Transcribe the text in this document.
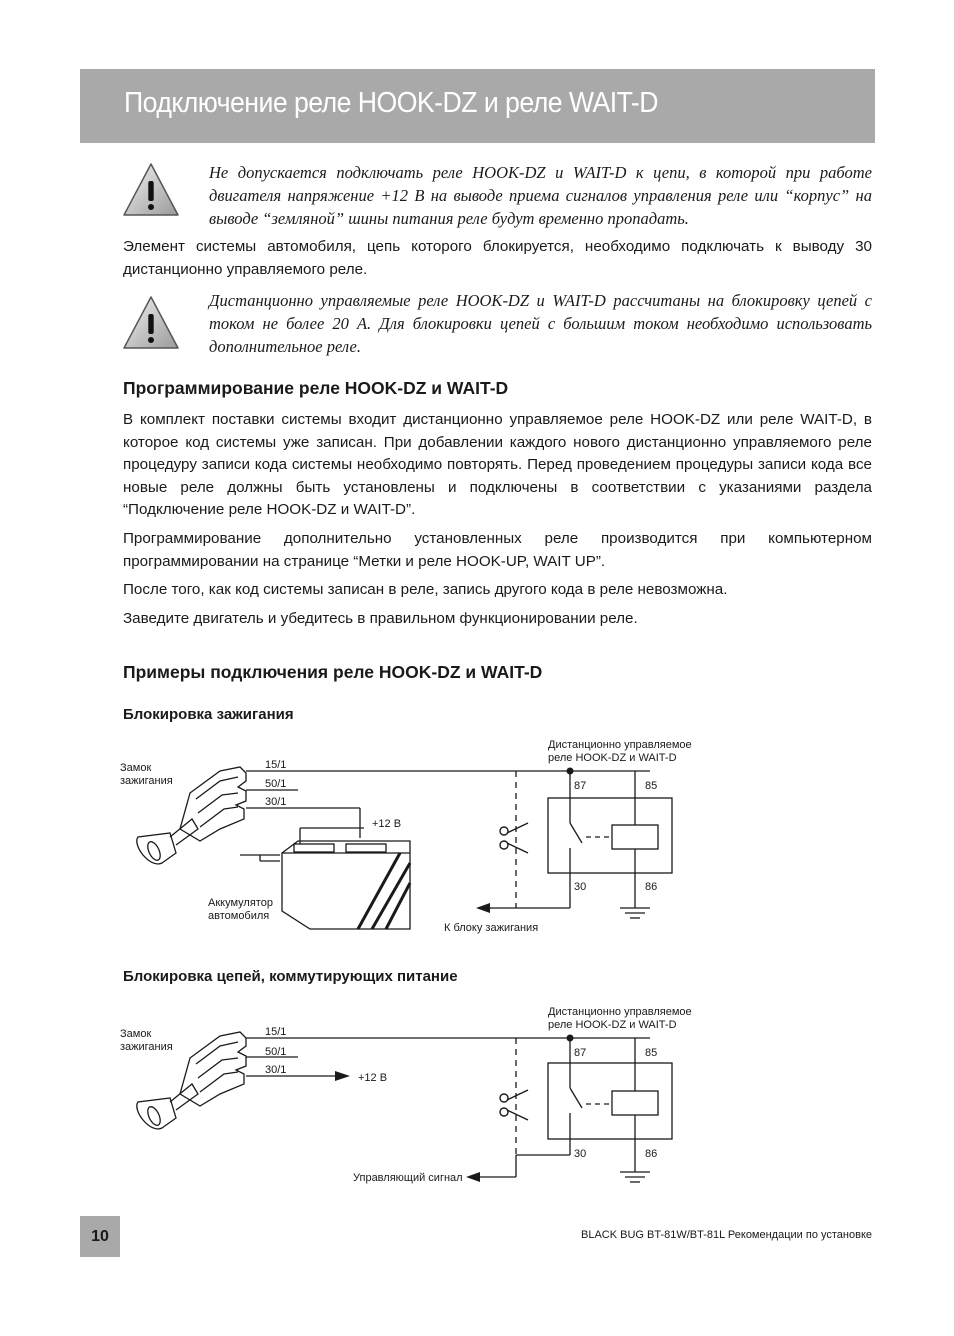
Подключение реле HOOK-DZ и реле WAIT-D
Не допускается подключать реле HOOK-DZ и WAIT-D к цепи, в которой при работе двигателя напряжение +12 В на выводе приема сигналов управления реле или “корпус” на выводе “земляной” шины питания реле будут временно пропадать.

Элемент системы автомобиля, цепь которого блокируется, необходимо подключать к выводу 30 дистанционно управляемого реле.

Дистанционно управляемые реле HOOK-DZ и WAIT-D рассчитаны на блокировку цепей с током не более 20 А. Для блокировки цепей с большим током необходимо использовать дополнительное реле.
Программирование реле HOOK-DZ и WAIT-D

В комплект поставки системы входит дистанционно управляемое реле HOOK-DZ или реле WAIT-D, в которое код системы уже записан. При добавлении каждого нового дистанционно управляемого реле процедуру записи кода системы необходимо повторять. Перед проведением процедуры записи кода все новые реле должны быть установлены и подключены в соответствии с указаниями раздела “Подключение реле HOOK-DZ и WAIT-D”.

Программирование дополнительно установленных реле производится при компьютерном программировании на странице “Метки и реле HOOK-UP, WAIT UP”.

После того, как код системы записан в реле, запись другого кода в реле невозможна.

Заведите двигатель и убедитесь в правильном функционировании реле.

Примеры подключения реле HOOK-DZ и WAIT-D
Блокировка зажигания
Замок
зажигания
15/1
50/1
30/1
+12 В
Дистанционно управляемое
реле HOOK-DZ и WAIT-D
87	85
30	86
Аккумулятор
автомобиля
К блоку зажигания
Блокировка цепей, коммутирующих питание
Замок
зажигания
15/1
50/1
30/1
+12 В
Дистанционно управляемое
реле HOOK-DZ и WAIT-D
87	85
30	86
Управляющий сигнал
10	BLACK BUG BT-81W/BT-81L Рекомендации по установке
